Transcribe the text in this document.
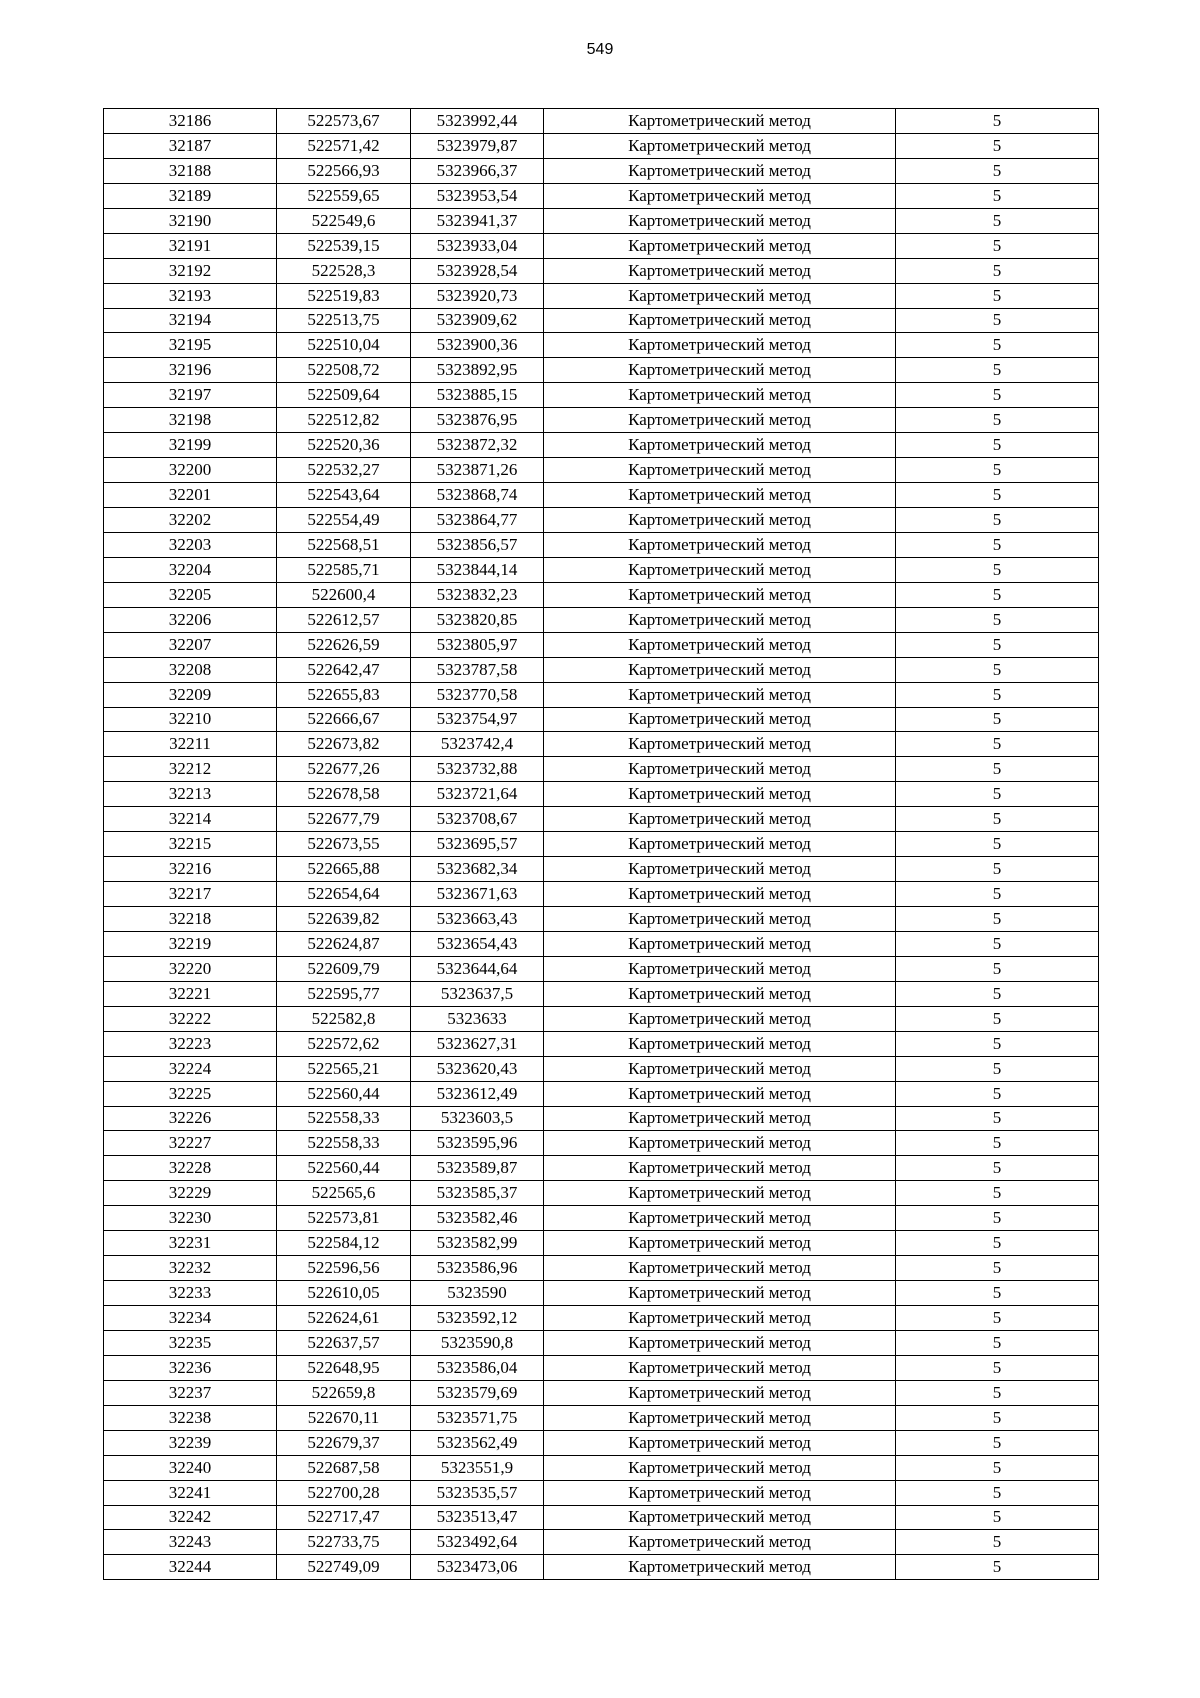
549
32186	522573,67	5323992,44	Картометрический метод	5
32187	522571,42	5323979,87	Картометрический метод	5
32188	522566,93	5323966,37	Картометрический метод	5
32189	522559,65	5323953,54	Картометрический метод	5
32190	522549,6	5323941,37	Картометрический метод	5
32191	522539,15	5323933,04	Картометрический метод	5
32192	522528,3	5323928,54	Картометрический метод	5
32193	522519,83	5323920,73	Картометрический метод	5
32194	522513,75	5323909,62	Картометрический метод	5
32195	522510,04	5323900,36	Картометрический метод	5
32196	522508,72	5323892,95	Картометрический метод	5
32197	522509,64	5323885,15	Картометрический метод	5
32198	522512,82	5323876,95	Картометрический метод	5
32199	522520,36	5323872,32	Картометрический метод	5
32200	522532,27	5323871,26	Картометрический метод	5
32201	522543,64	5323868,74	Картометрический метод	5
32202	522554,49	5323864,77	Картометрический метод	5
32203	522568,51	5323856,57	Картометрический метод	5
32204	522585,71	5323844,14	Картометрический метод	5
32205	522600,4	5323832,23	Картометрический метод	5
32206	522612,57	5323820,85	Картометрический метод	5
32207	522626,59	5323805,97	Картометрический метод	5
32208	522642,47	5323787,58	Картометрический метод	5
32209	522655,83	5323770,58	Картометрический метод	5
32210	522666,67	5323754,97	Картометрический метод	5
32211	522673,82	5323742,4	Картометрический метод	5
32212	522677,26	5323732,88	Картометрический метод	5
32213	522678,58	5323721,64	Картометрический метод	5
32214	522677,79	5323708,67	Картометрический метод	5
32215	522673,55	5323695,57	Картометрический метод	5
32216	522665,88	5323682,34	Картометрический метод	5
32217	522654,64	5323671,63	Картометрический метод	5
32218	522639,82	5323663,43	Картометрический метод	5
32219	522624,87	5323654,43	Картометрический метод	5
32220	522609,79	5323644,64	Картометрический метод	5
32221	522595,77	5323637,5	Картометрический метод	5
32222	522582,8	5323633	Картометрический метод	5
32223	522572,62	5323627,31	Картометрический метод	5
32224	522565,21	5323620,43	Картометрический метод	5
32225	522560,44	5323612,49	Картометрический метод	5
32226	522558,33	5323603,5	Картометрический метод	5
32227	522558,33	5323595,96	Картометрический метод	5
32228	522560,44	5323589,87	Картометрический метод	5
32229	522565,6	5323585,37	Картометрический метод	5
32230	522573,81	5323582,46	Картометрический метод	5
32231	522584,12	5323582,99	Картометрический метод	5
32232	522596,56	5323586,96	Картометрический метод	5
32233	522610,05	5323590	Картометрический метод	5
32234	522624,61	5323592,12	Картометрический метод	5
32235	522637,57	5323590,8	Картометрический метод	5
32236	522648,95	5323586,04	Картометрический метод	5
32237	522659,8	5323579,69	Картометрический метод	5
32238	522670,11	5323571,75	Картометрический метод	5
32239	522679,37	5323562,49	Картометрический метод	5
32240	522687,58	5323551,9	Картометрический метод	5
32241	522700,28	5323535,57	Картометрический метод	5
32242	522717,47	5323513,47	Картометрический метод	5
32243	522733,75	5323492,64	Картометрический метод	5
32244	522749,09	5323473,06	Картометрический метод	5
